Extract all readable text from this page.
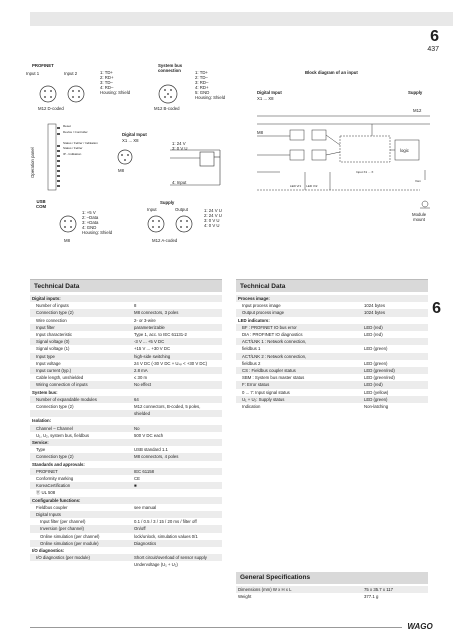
6
437
6
PROFINET
Input 1	Input 2	1: TD+
2: RD+
3: TD–
4: RD–
Housing: Shield
M12 D-coded
System bus
connection	1: TD+
2: TD–
3: RD–
4: RD+
5: GND
Housing: Shield
M12 B-coded
Operation panel
Reset
Device / Controller

Status / Fehler / Indikation
Status / Fehler
IP - Indikation
Digital Input
X1 ... X8
M8
1: 24 V
3: 0 V U
4: Input
USB
COM
1: +5 V
2: –Data
3: +Data
4: GND
Housing: Shield
M8
Supply
Input	Output	1: 24 V U
2: 24 V U
3: 0 V U
4: 0 V U
M12 A-coded
Block diagram of an input
Digital Input
X1 ... X8
Supply
M12
M8
logic
Input X1 ... X
LED Vr1      LED Vr2
Vsm
Module
mount
Technical Data	Technical Data
Digital inputs:
Number of inputs	8
Connection type (2)	M8 connectors, 3 poles
Wire connection	2- or 3-wire
Input filter	parameterizable
Input characteristic	Type 1, acc. to IEC 61131-2
Signal voltage (0)	-3 V ... +5 V DC
Signal voltage (1)	+15 V ... +30 V DC
Input type	high-side switching
Input voltage	24 V DC (-30 V DC + Uₛₚ < +30 V DC)
Input current (typ.)	2.8 mA
Cable length, unshielded	≤ 30 m
Wiring connection of inputs	No effect
System bus:
Number of expandable modules	64
Connection type (2)	M12 connectors, B-coded, 5 poles,
shielded
Isolation:
Channel – Channel	No
U₁, U₂, system bus, fieldbus	500 V DC each
Service:
Type	USB standard 1.1
Connection type (2)	M8 connectors, 4 poles
Standards and approvals:
PROFINET	IEC 61158
Conformity marking	CE
KoreaCertification	■
Ⓡ UL 508
Configurable functions:
Fieldbus coupler	see manual
Digital Inputs
Input filter (per channel)	0.1 / 0.5 / 3 / 15 / 20 ms / filter off
Inversion (per channel)	On/off
Online simulation (per channel)	lock/unlock, simulation values 0/1
Online simulation (per module)	Diagnostics
I/O diagnostics:
I/O diagnostics (per module)	Short circuit/overload of sensor supply
Undervoltage (U₁ + U₂)
Process image:
Input process image	1024 bytes
Output process image	1024 bytes
LED indicators:
BF : PROFINET IO bus error	LED (red)
DIA : PROFINET IO diagnostics	LED (red)
ACT/LNK 1 : Network connection,
fieldbus 1	LED (green)
ACT/LNK 2 : Network connection,
fieldbus 2	LED (green)
CS : Fieldbus coupler status	LED (green/red)
SBM : System bus master status	LED (green/red)
F: Error status	LED (red)
0 ... 7: Input signal status	LED (yellow)
U₁ + U₂: Supply status	LED (green)
Indication	Non-latching
General Specifications
Dimensions (mm) W x H x L	75 x 35.7 x 117
Weight	377.1 g
WAGO
